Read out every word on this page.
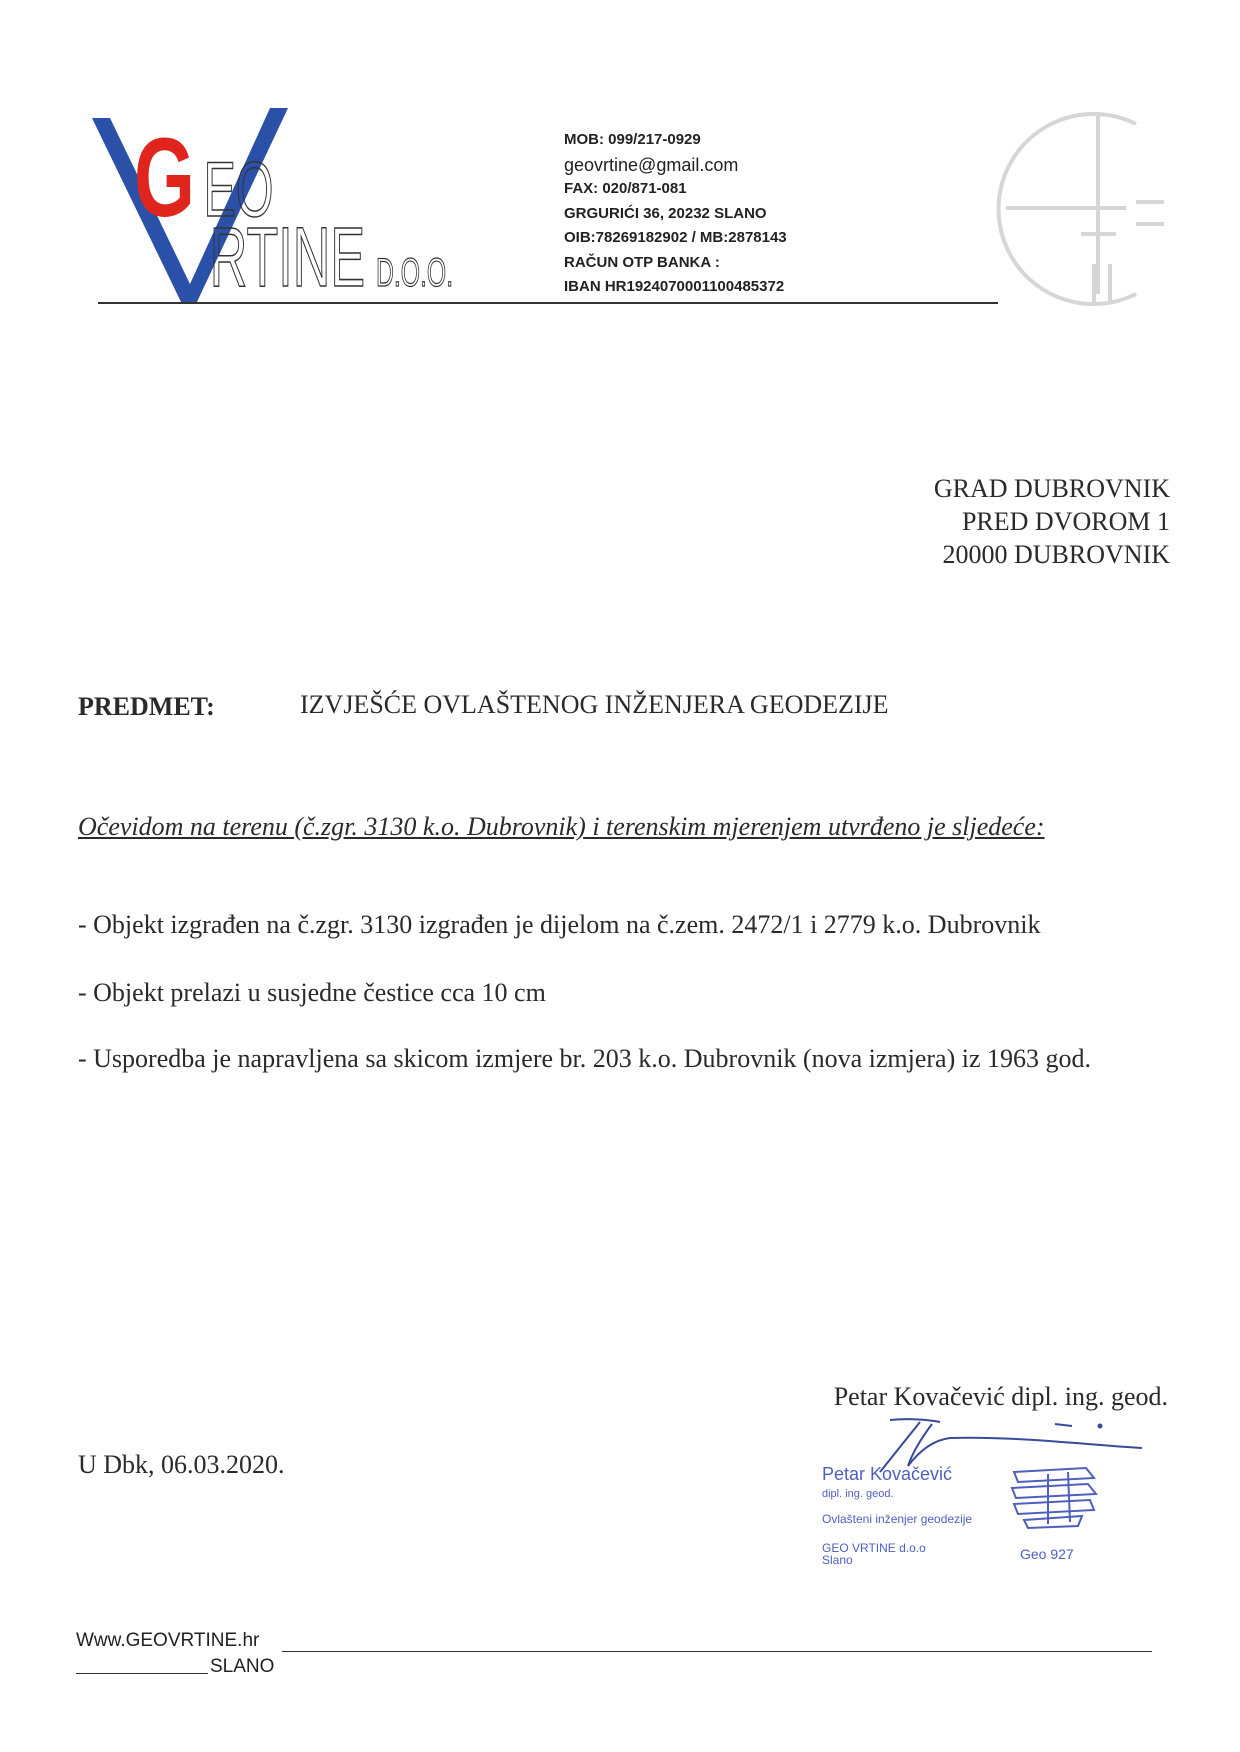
G EO
RTINE D.O.O.
MOB: 099/217-0929
geovrtine@gmail.com
FAX: 020/871-081
GRGURIĆI 36, 20232 SLANO
OIB:78269182902 / MB:2878143
RAČUN OTP BANKA :
IBAN HR1924070001100485372
GRAD DUBROVNIK
PRED DVOROM 1
20000 DUBROVNIK
PREDMET:	IZVJEŠĆE OVLAŠTENOG INŽENJERA GEODEZIJE
Očevidom na terenu (č.zgr. 3130 k.o. Dubrovnik) i terenskim mjerenjem utvrđeno je sljedeće:
- Objekt izgrađen na č.zgr. 3130 izgrađen je dijelom na č.zem. 2472/1 i 2779 k.o. Dubrovnik
- Objekt prelazi u susjedne čestice cca 10 cm
- Usporedba je napravljena sa skicom izmjere br. 203 k.o. Dubrovnik (nova izmjera) iz 1963 god.
Petar Kovačević dipl. ing. geod.
U Dbk, 06.03.2020.	Petar Kovačević
dipl. ing. geod.
Ovlašteni inženjer geodezije
GEO VRTINE d.o.o
Slano	Geo 927
Www.GEOVRTINE.hr
SLANO
